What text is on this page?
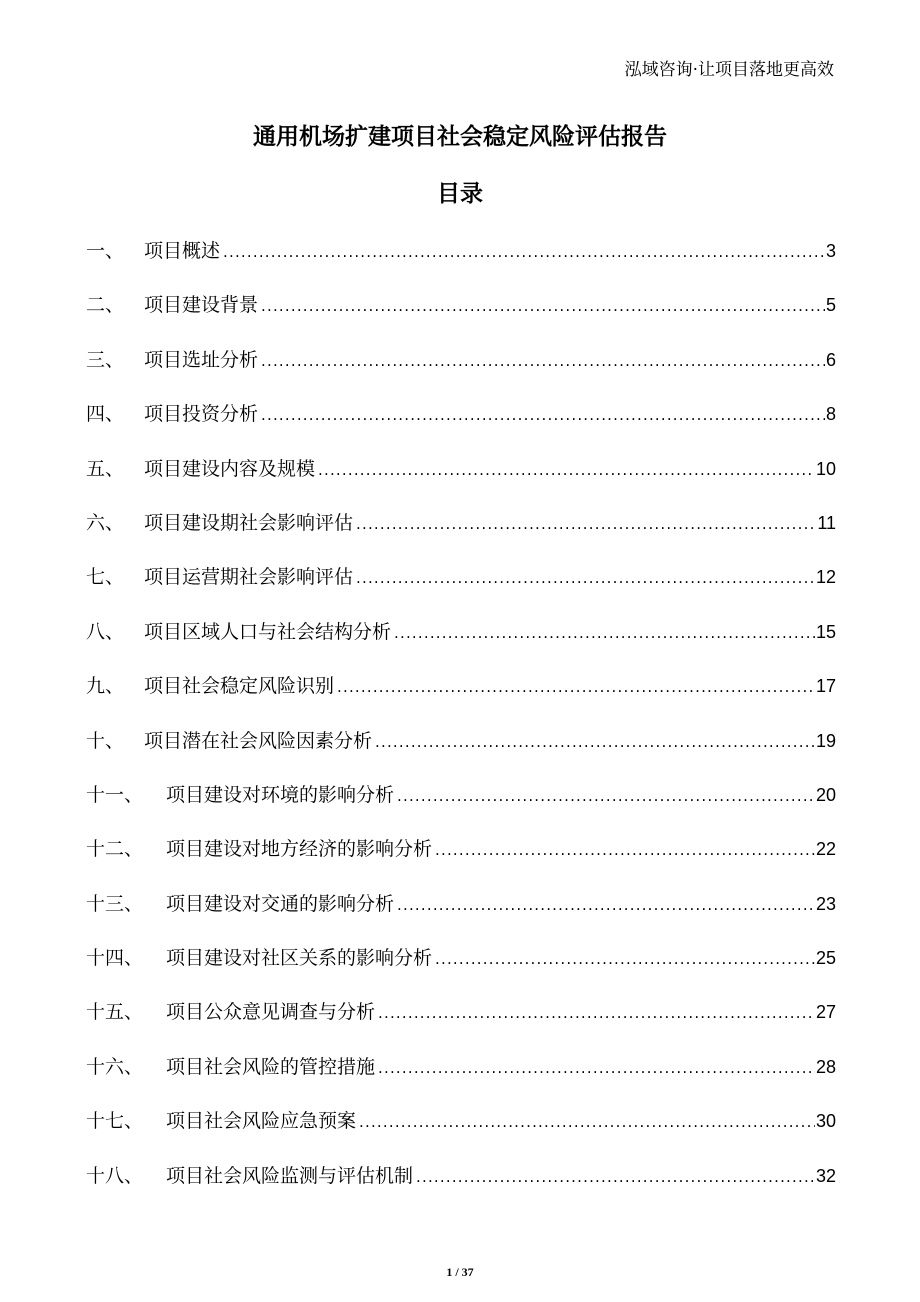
泓域咨询·让项目落地更高效
通用机场扩建项目社会稳定风险评估报告
目录
一、	项目概述 .....	3
二、	项目建设背景 .....	5
三、	项目选址分析 .....	6
四、	项目投资分析 .....	8
五、	项目建设内容及规模 .....	10
六、	项目建设期社会影响评估 .....	11
七、	项目运营期社会影响评估 .....	12
八、	项目区域人口与社会结构分析 .....	15
九、	项目社会稳定风险识别 .....	17
十、	项目潜在社会风险因素分析 .....	19
十一、	项目建设对环境的影响分析 .....	20
十二、	项目建设对地方经济的影响分析 .....	22
十三、	项目建设对交通的影响分析 .....	23
十四、	项目建设对社区关系的影响分析 .....	25
十五、	项目公众意见调查与分析 .....	27
十六、	项目社会风险的管控措施 .....	28
十七、	项目社会风险应急预案 .....	30
十八、	项目社会风险监测与评估机制 .....	32
1 / 37
